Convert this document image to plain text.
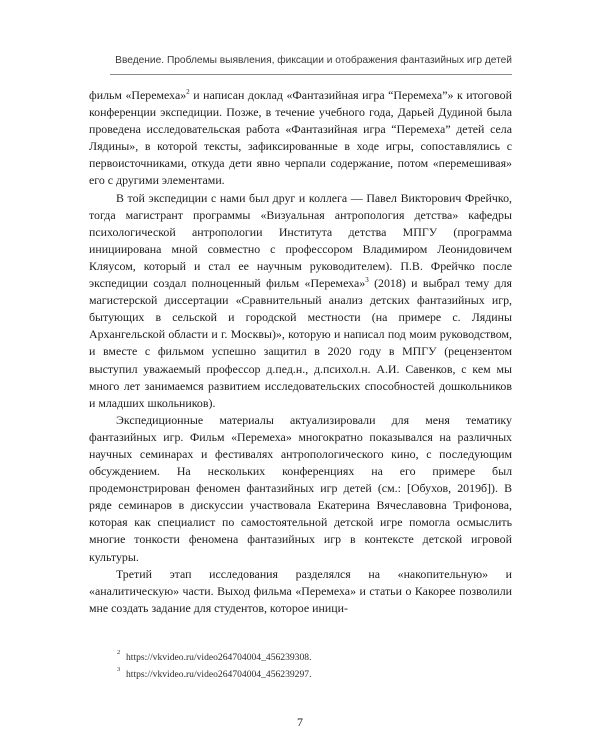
Введение. Проблемы выявления, фиксации и отображения фантазийных игр детей

фильм «Перемеха»$^2$ и написан доклад «Фантазийная игра “Перемеха”» к итоговой конференции экспедиции. Позже, в течение учебного года, Дарьей Дудиной была проведена исследовательская работа «Фантазийная игра “Перемеха” детей села Лядины», в которой тексты, зафиксированные в ходе игры, сопоставлялись с первоисточниками, откуда дети явно черпали содержание, потом «перемешивая» его с другими элементами.

В той экспедиции с нами был друг и коллега — Павел Викторович Фрейчко, тогда магистрант программы «Визуальная антропология детства» кафедры психологической антропологии Института детства МПГУ (программа инициирована мной совместно с профессором Владимиром Леонидовичем Кляусом, который и стал ее научным руководителем). П.В. Фрейчко после экспедиции создал полноценный фильм «Перемеха»$^3$ (2018) и выбрал тему для магистерской диссертации «Сравнительный анализ детских фантазийных игр, бытующих в сельской и городской местности (на примере с. Лядины Архангельской области и г. Москвы)», которую и написал под моим руководством, и вместе с фильмом успешно защитил в 2020 году в МПГУ (рецензентом выступил уважаемый профессор д.пед.н., д.психол.н. А.И. Савенков, с кем мы много лет занимаемся развитием исследовательских способностей дошкольников и младших школьников).

Экспедиционные материалы актуализировали для меня тематику фантазийных игр. Фильм «Перемеха» многократно показывался на различных научных семинарах и фестивалях антропологического кино, с последующим обсуждением. На нескольких конференциях на его примере был продемонстрирован феномен фантазийных игр детей (см.: [Обухов, 2019б]). В ряде семинаров в дискуссии участвовала Екатерина Вячеславовна Трифонова, которая как специалист по самостоятельной детской игре помогла осмыслить многие тонкости феномена фантазийных игр в контексте детской игровой культуры.

Третий этап исследования разделялся на «накопительную» и «аналитическую» части. Выход фильма «Перемеха» и статьи о Какорее позволили мне создать задание для студентов, которое иници-

2 https://vkvideo.ru/video264704004_456239308.
3 https://vkvideo.ru/video264704004_456239297.
7
